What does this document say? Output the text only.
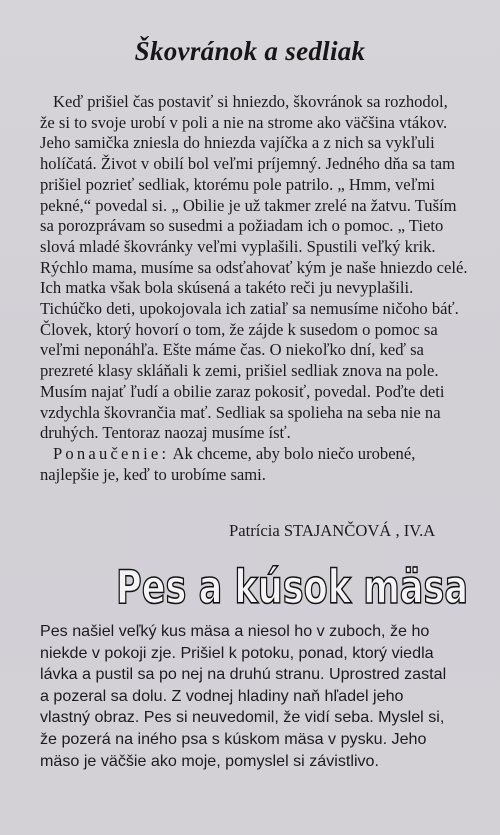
Škovránok a sedliak
Keď prišiel čas postaviť si hniezdo, škovránok sa rozhodol,
že si to svoje urobí v poli a nie na strome ako väčšina vtákov.
Jeho samička zniesla do hniezda vajíčka a z nich sa vykľuli
holíčatá. Život v obilí bol veľmi príjemný. Jedného dňa sa tam
prišiel pozrieť sedliak, ktorému pole patrilo. „ Hmm, veľmi
pekné,“ povedal si. „ Obilie je už takmer zrelé na žatvu. Tuším
sa porozprávam so susedmi a požiadam ich o pomoc. „ Tieto
slová mladé škovránky veľmi vyplašili. Spustili veľký krik.
Rýchlo mama, musíme sa odsťahovať kým je naše hniezdo celé.
Ich matka však bola skúsená a takéto reči ju nevyplašili.
Tichúčko deti, upokojovala ich zatiaľ sa nemusíme ničoho báť.
Človek, ktorý hovorí o tom, že zájde k susedom o pomoc sa
veľmi neponáhľa. Ešte máme čas. O niekoľko dní, keď sa
prezreté klasy skláňali k zemi, prišiel sedliak znova na pole.
Musím najať ľudí a obilie zaraz pokosiť, povedal. Poďte deti
vzdychla škovrančia mať. Sedliak sa spolieha na seba nie na
druhých. Tentoraz naozaj musíme ísť.
Ponaučenie: Ak chceme, aby bolo niečo urobené,
najlepšie je, keď to urobíme sami.
Patrícia STAJANČOVÁ , IV.A
Pes a kúsok mäsa
Pes našiel veľký kus mäsa a niesol ho v zuboch, že ho
niekde v pokoji zje. Prišiel k potoku, ponad, ktorý viedla
lávka a pustil sa po nej na druhú stranu. Uprostred zastal
a pozeral sa dolu. Z vodnej hladiny naň hľadel jeho
vlastný obraz. Pes si neuvedomil, že vidí seba. Myslel si,
že pozerá na iného psa s kúskom mäsa v pysku. Jeho
mäso je väčšie ako moje, pomyslel si závistlivo.
